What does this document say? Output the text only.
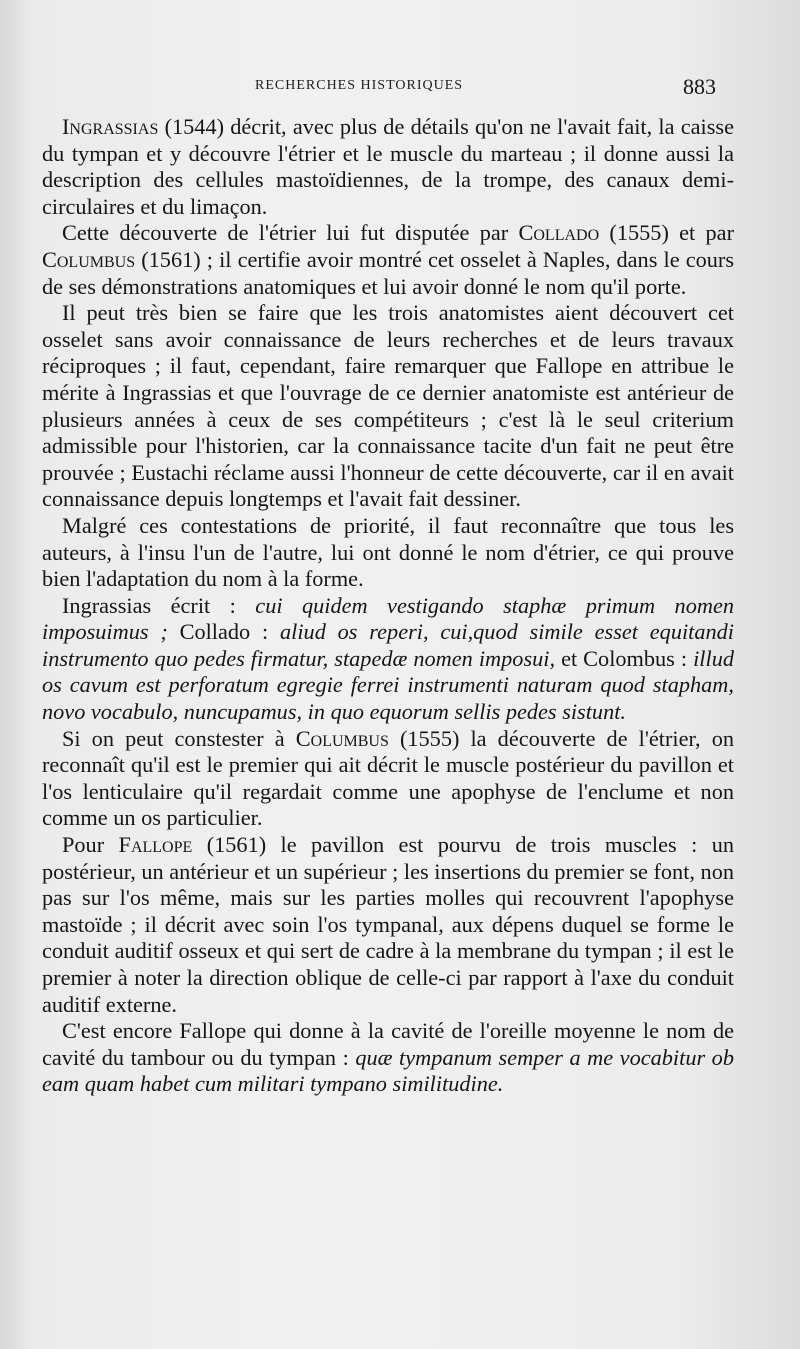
RECHERCHES HISTORIQUES	883

Ingrassias (1544) décrit, avec plus de détails qu'on ne l'avait fait, la caisse du tympan et y découvre l'étrier et le muscle du marteau ; il donne aussi la description des cellules mastoïdiennes, de la trompe, des canaux demi-circulaires et du limaçon.

Cette découverte de l'étrier lui fut disputée par Collado (1555) et par Columbus (1561) ; il certifie avoir montré cet osselet à Naples, dans le cours de ses démonstrations anatomiques et lui avoir donné le nom qu'il porte.

Il peut très bien se faire que les trois anatomistes aient découvert cet osselet sans avoir connaissance de leurs recherches et de leurs travaux réciproques ; il faut, cependant, faire remarquer que Fallope en attribue le mérite à Ingrassias et que l'ouvrage de ce dernier anatomiste est antérieur de plusieurs années à ceux de ses compétiteurs ; c'est là le seul criterium admissible pour l'historien, car la connaissance tacite d'un fait ne peut être prouvée ; Eustachi réclame aussi l'honneur de cette découverte, car il en avait connaissance depuis longtemps et l'avait fait dessiner.

Malgré ces contestations de priorité, il faut reconnaître que tous les auteurs, à l'insu l'un de l'autre, lui ont donné le nom d'étrier, ce qui prouve bien l'adaptation du nom à la forme.

Ingrassias écrit : cui quidem vestigando staphæ primum nomen imposuimus ; Collado : aliud os reperi, cui,quod simile esset equitandi instrumento quo pedes firmatur, stapedæ nomen imposui, et Colombus : illud os cavum est perforatum egregie ferrei instrumenti naturam quod stapham, novo vocabulo, nuncupamus, in quo equorum sellis pedes sistunt.

Si on peut constester à Columbus (1555) la découverte de l'étrier, on reconnaît qu'il est le premier qui ait décrit le muscle postérieur du pavillon et l'os lenticulaire qu'il regardait comme une apophyse de l'enclume et non comme un os particulier.

Pour Fallope (1561) le pavillon est pourvu de trois muscles : un postérieur, un antérieur et un supérieur ; les insertions du premier se font, non pas sur l'os même, mais sur les parties molles qui recouvrent l'apophyse mastoïde ; il décrit avec soin l'os tympanal, aux dépens duquel se forme le conduit auditif osseux et qui sert de cadre à la membrane du tympan ; il est le premier à noter la direction oblique de celle-ci par rapport à l'axe du conduit auditif externe.

C'est encore Fallope qui donne à la cavité de l'oreille moyenne le nom de cavité du tambour ou du tympan : quæ tympanum semper a me vocabitur ob eam quam habet cum militari tympano similitudine.
